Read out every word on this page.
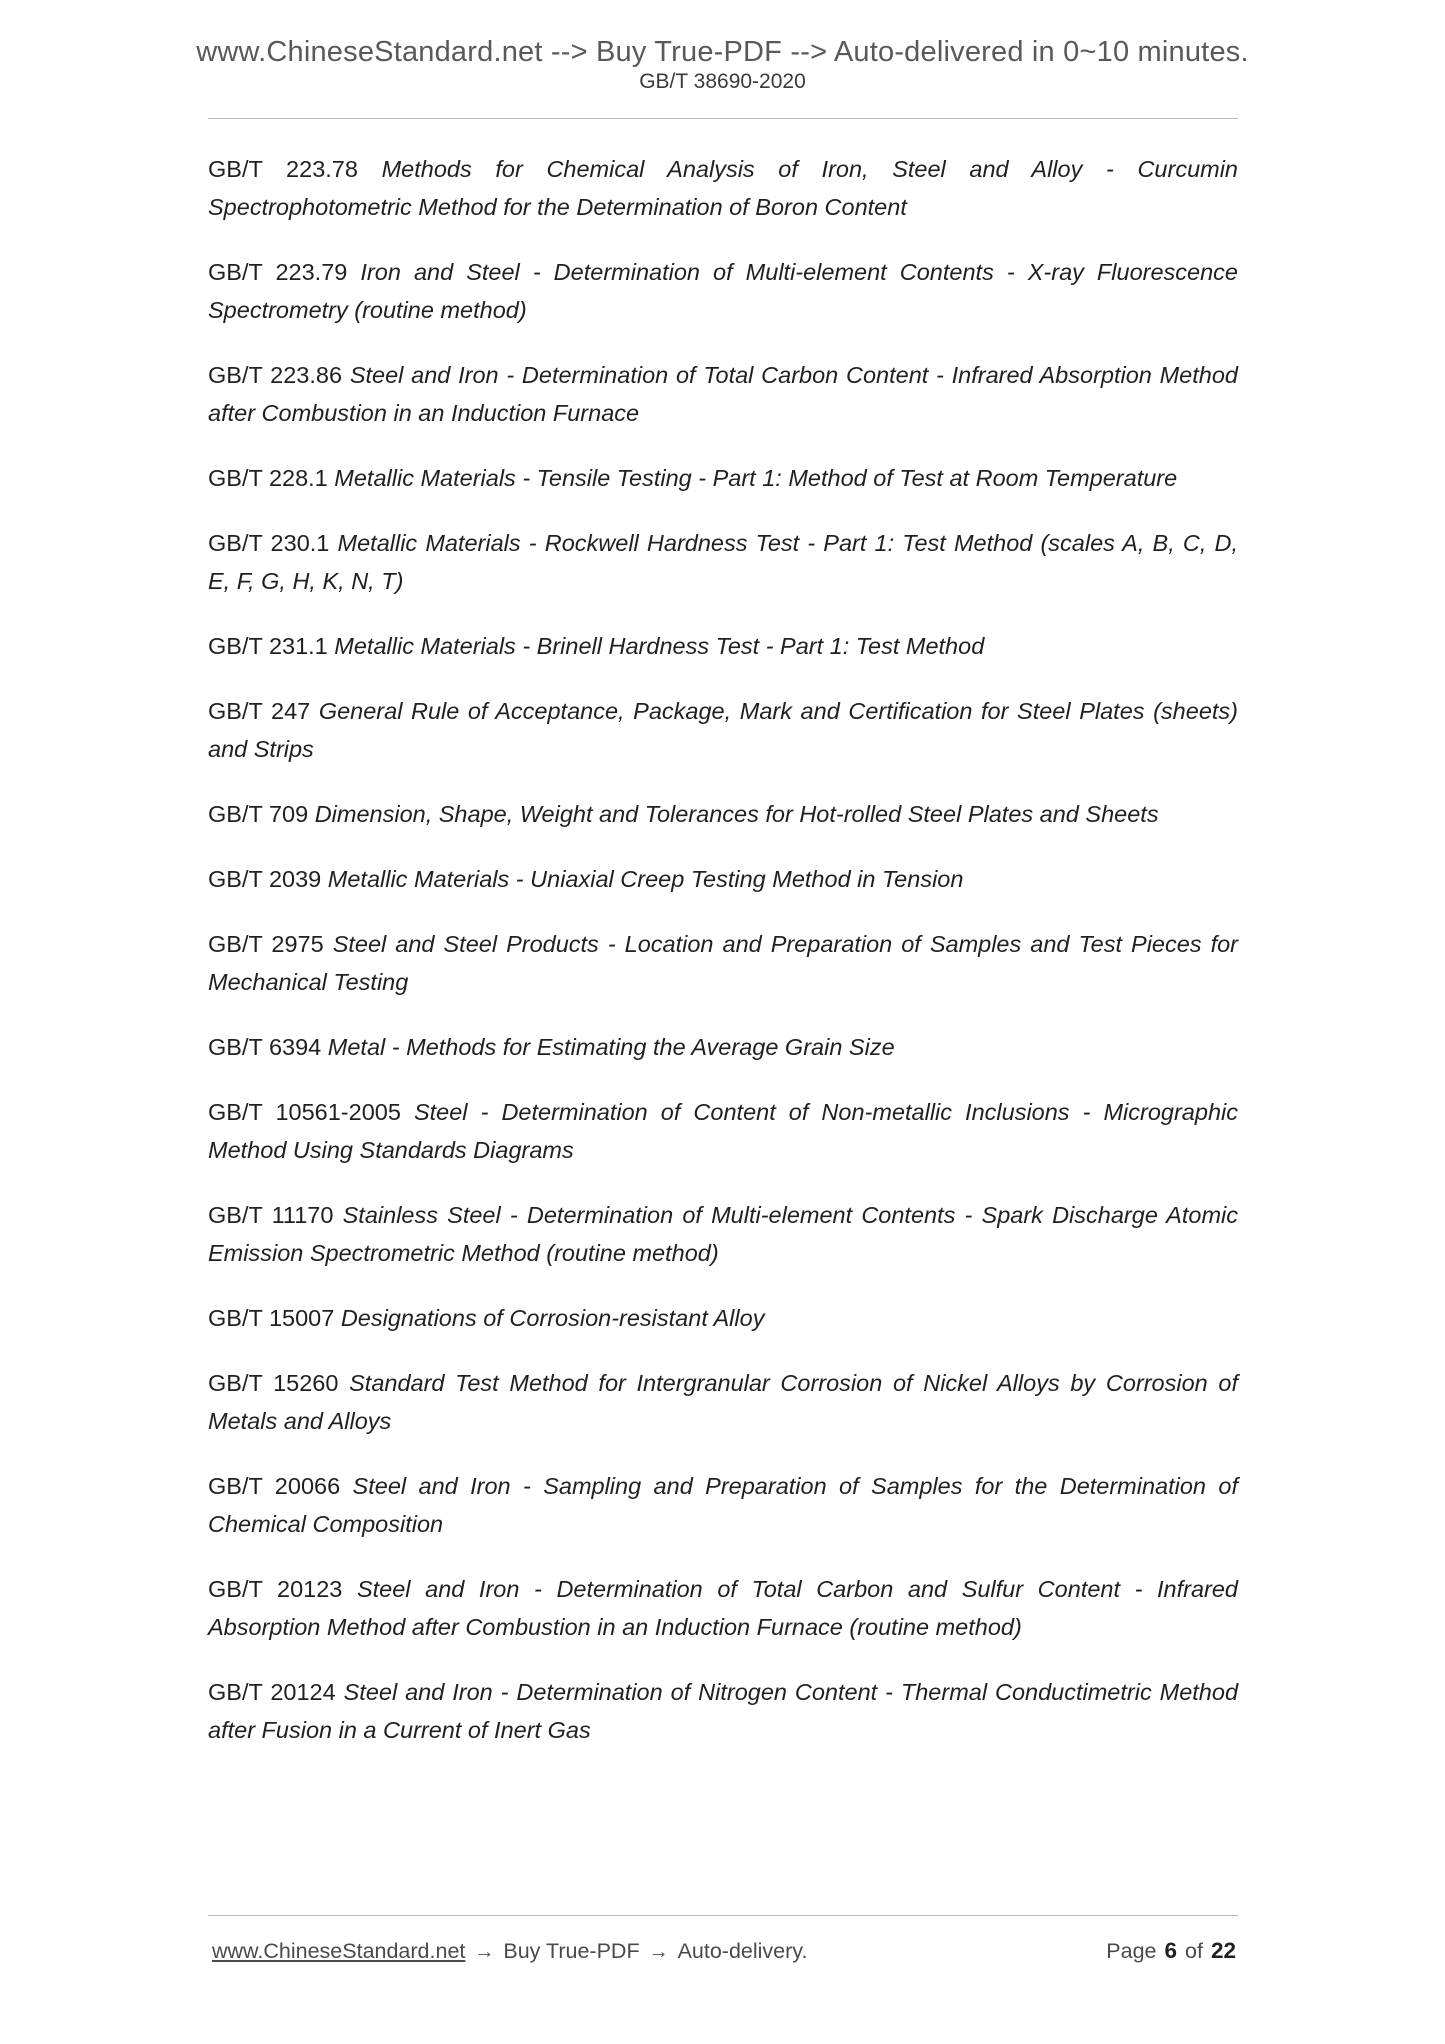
www.ChineseStandard.net --> Buy True-PDF --> Auto-delivered in 0~10 minutes.
GB/T 38690-2020

GB/T 223.78 Methods for Chemical Analysis of Iron, Steel and Alloy - Curcumin Spectrophotometric Method for the Determination of Boron Content

GB/T 223.79 Iron and Steel - Determination of Multi-element Contents - X-ray Fluorescence Spectrometry (routine method)

GB/T 223.86 Steel and Iron - Determination of Total Carbon Content - Infrared Absorption Method after Combustion in an Induction Furnace

GB/T 228.1 Metallic Materials - Tensile Testing - Part 1: Method of Test at Room Temperature

GB/T 230.1 Metallic Materials - Rockwell Hardness Test - Part 1: Test Method (scales A, B, C, D, E, F, G, H, K, N, T)

GB/T 231.1 Metallic Materials - Brinell Hardness Test - Part 1: Test Method

GB/T 247 General Rule of Acceptance, Package, Mark and Certification for Steel Plates (sheets) and Strips

GB/T 709 Dimension, Shape, Weight and Tolerances for Hot-rolled Steel Plates and Sheets

GB/T 2039 Metallic Materials - Uniaxial Creep Testing Method in Tension

GB/T 2975 Steel and Steel Products - Location and Preparation of Samples and Test Pieces for Mechanical Testing

GB/T 6394 Metal - Methods for Estimating the Average Grain Size

GB/T 10561-2005 Steel - Determination of Content of Non-metallic Inclusions - Micrographic Method Using Standards Diagrams

GB/T 11170 Stainless Steel - Determination of Multi-element Contents - Spark Discharge Atomic Emission Spectrometric Method (routine method)

GB/T 15007 Designations of Corrosion-resistant Alloy

GB/T 15260 Standard Test Method for Intergranular Corrosion of Nickel Alloys by Corrosion of Metals and Alloys

GB/T 20066 Steel and Iron - Sampling and Preparation of Samples for the Determination of Chemical Composition

GB/T 20123 Steel and Iron - Determination of Total Carbon and Sulfur Content - Infrared Absorption Method after Combustion in an Induction Furnace (routine method)

GB/T 20124 Steel and Iron - Determination of Nitrogen Content - Thermal Conductimetric Method after Fusion in a Current of Inert Gas

www.ChineseStandard.net → Buy True-PDF → Auto-delivery.	Page 6 of 22
